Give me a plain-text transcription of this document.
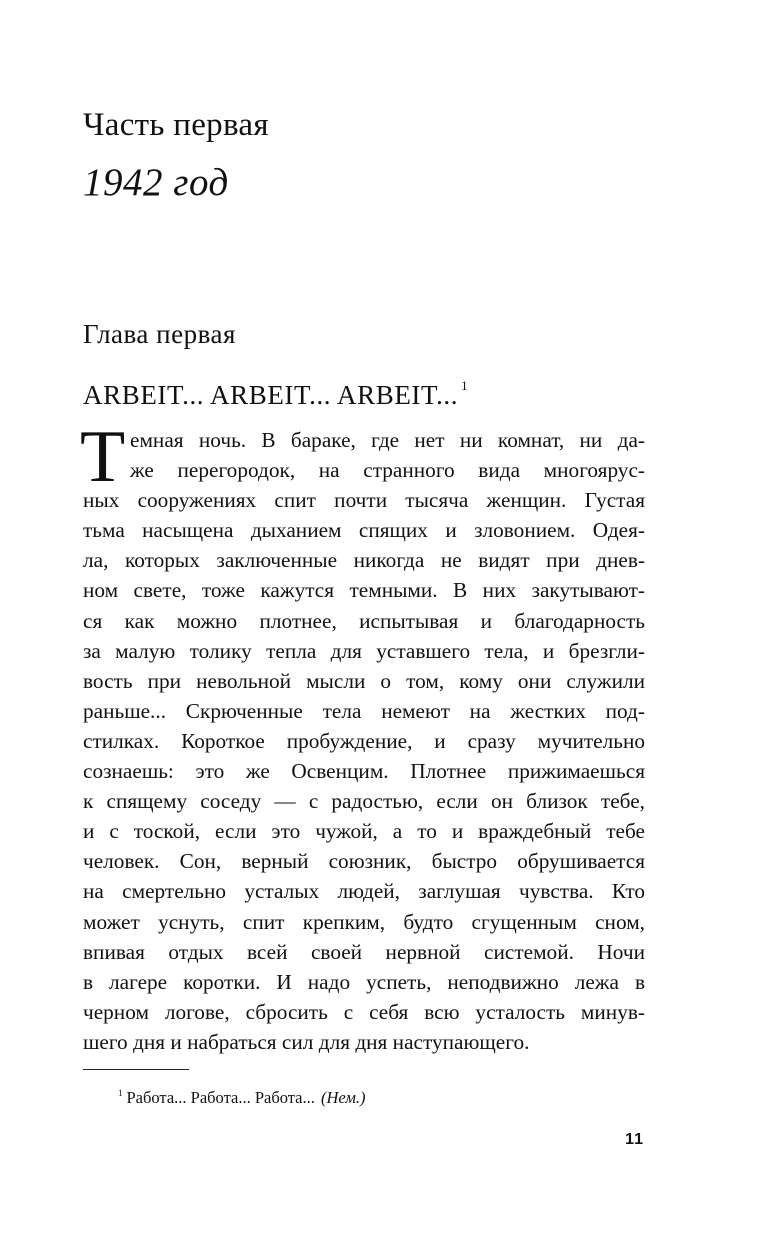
Часть первая
1942 год
Глава первая
ARBEIT... ARBEIT... ARBEIT... $^1$
Т емная ночь. В бараке, где нет ни комнат, ни да-
же перегородок, на странного вида многоярус-
ных сооружениях спит почти тысяча женщин. Густая
тьма насыщена дыханием спящих и зловонием. Одея-
ла, которых заключенные никогда не видят при днев-
ном свете, тоже кажутся темными. В них закутывают-
ся как можно плотнее, испытывая и благодарность
за малую толику тепла для уставшего тела, и брезгли-
вость при невольной мысли о том, кому они служили
раньше... Скрюченные тела немеют на жестких под-
стилках. Короткое пробуждение, и сразу мучительно
сознаешь: это же Освенцим. Плотнее прижимаешься
к спящему соседу — с радостью, если он близок тебе,
и с тоской, если это чужой, а то и враждебный тебе
человек. Сон, верный союзник, быстро обрушивается
на смертельно усталых людей, заглушая чувства. Кто
может уснуть, спит крепким, будто сгущенным сном,
впивая отдых всей своей нервной системой. Ночи
в лагере коротки. И надо успеть, неподвижно лежа в
черном логове, сбросить с себя всю усталость минув-
шего дня и набраться сил для дня наступающего.
$^1$ Работа... Работа... Работа... (Нем.)
11
